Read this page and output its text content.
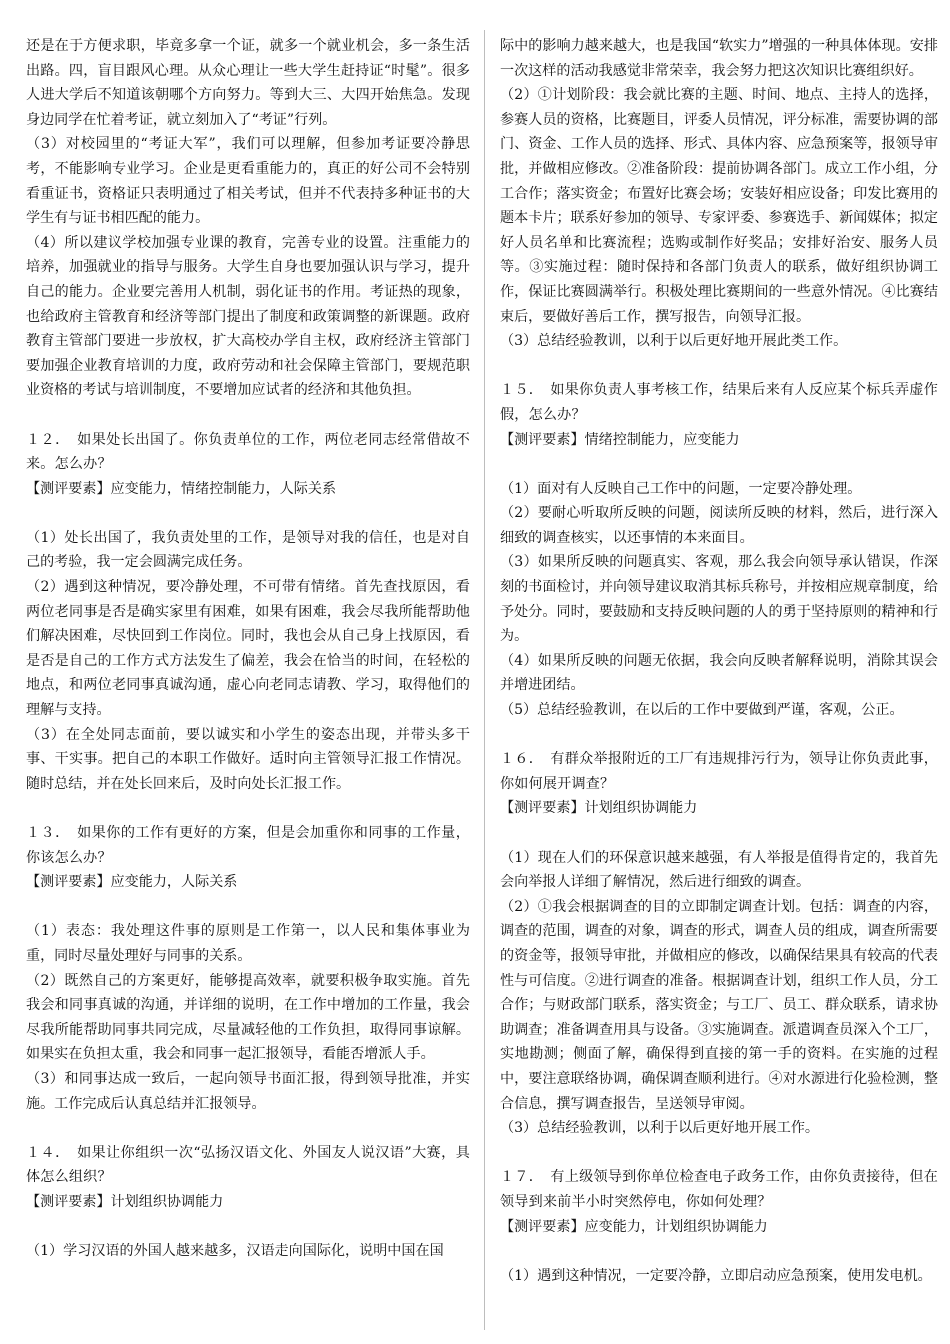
还是在于方便求职，毕竟多拿一个证，就多一个就业机会，多一条生活出路。四，盲目跟风心理。从众心理让一些大学生赶持证“时髦”。很多人进大学后不知道该朝哪个方向努力。等到大三、大四开始焦急。发现身边同学在忙着考证，就立刻加入了“考证”行列。

（3）对校园里的“考证大军”，我们可以理解，但参加考证要冷静思考，不能影响专业学习。企业是更看重能力的，真正的好公司不会特别看重证书，资格证只表明通过了相关考试，但并不代表持多种证书的大学生有与证书相匹配的能力。

（4）所以建议学校加强专业课的教育，完善专业的设置。注重能力的培养，加强就业的指导与服务。大学生自身也要加强认识与学习，提升自己的能力。企业要完善用人机制，弱化证书的作用。考证热的现象，也给政府主管教育和经济等部门提出了制度和政策调整的新课题。政府教育主管部门要进一步放权，扩大高校办学自主权，政府经济主管部门要加强企业教育培训的力度，政府劳动和社会保障主管部门，要规范职业资格的考试与培训制度，不要增加应试者的经济和其他负担。

１２．　如果处长出国了。你负责单位的工作，两位老同志经常借故不来。怎么办？

【测评要素】应变能力，情绪控制能力，人际关系

（1）处长出国了，我负责处里的工作，是领导对我的信任，也是对自己的考验，我一定会圆满完成任务。

（2）遇到这种情况，要冷静处理，不可带有情绪。首先查找原因，看两位老同事是否是确实家里有困难，如果有困难，我会尽我所能帮助他们解决困难，尽快回到工作岗位。同时，我也会从自己身上找原因，看是否是自己的工作方式方法发生了偏差，我会在恰当的时间，在轻松的地点，和两位老同事真诚沟通，虚心向老同志请教、学习，取得他们的理解与支持。

（3）在全处同志面前，要以诚实和小学生的姿态出现，并带头多干事、干实事。把自己的本职工作做好。适时向主管领导汇报工作情况。随时总结，并在处长回来后，及时向处长汇报工作。

１３．　如果你的工作有更好的方案，但是会加重你和同事的工作量，你该怎么办？

【测评要素】应变能力，人际关系

（1）表态：我处理这件事的原则是工作第一，以人民和集体事业为重，同时尽量处理好与同事的关系。

（2）既然自己的方案更好，能够提高效率，就要积极争取实施。首先我会和同事真诚的沟通，并详细的说明，在工作中增加的工作量，我会尽我所能帮助同事共同完成，尽量减轻他的工作负担，取得同事谅解。如果实在负担太重，我会和同事一起汇报领导，看能否增派人手。

（3）和同事达成一致后，一起向领导书面汇报，得到领导批准，并实施。工作完成后认真总结并汇报领导。

１４．　如果让你组织一次“弘扬汉语文化、外国友人说汉语”大赛，具体怎么组织？

【测评要素】计划组织协调能力

（1）学习汉语的外国人越来越多，汉语走向国际化，说明中国在国

际中的影响力越来越大，也是我国“软实力”增强的一种具体体现。安排一次这样的活动我感觉非常荣幸，我会努力把这次知识比赛组织好。

（2）①计划阶段：我会就比赛的主题、时间、地点、主持人的选择，参赛人员的资格，比赛题目，评委人员情况，评分标准，需要协调的部门、资金、工作人员的选择、形式、具体内容、应急预案等，报领导审批，并做相应修改。②准备阶段：提前协调各部门。成立工作小组，分工合作；落实资金；布置好比赛会场；安装好相应设备；印发比赛用的题本卡片；联系好参加的领导、专家评委、参赛选手、新闻媒体；拟定好人员名单和比赛流程；选购或制作好奖品；安排好治安、服务人员等。③实施过程：随时保持和各部门负责人的联系，做好组织协调工作，保证比赛圆满举行。积极处理比赛期间的一些意外情况。④比赛结束后，要做好善后工作，撰写报告，向领导汇报。

（3）总结经验教训，以利于以后更好地开展此类工作。

１５．　如果你负责人事考核工作，结果后来有人反应某个标兵弄虚作假，怎么办？

【测评要素】情绪控制能力，应变能力

（1）面对有人反映自己工作中的问题，一定要冷静处理。

（2）要耐心听取所反映的问题，阅读所反映的材料，然后，进行深入细致的调查核实，以还事情的本来面目。

（3）如果所反映的问题真实、客观，那么我会向领导承认错误，作深刻的书面检讨，并向领导建议取消其标兵称号，并按相应规章制度，给予处分。同时，要鼓励和支持反映问题的人的勇于坚持原则的精神和行为。

（4）如果所反映的问题无依据，我会向反映者解释说明，消除其误会并增进团结。

（5）总结经验教训，在以后的工作中要做到严谨，客观，公正。

１６．　有群众举报附近的工厂有违规排污行为，领导让你负责此事，你如何展开调查？

【测评要素】计划组织协调能力

（1）现在人们的环保意识越来越强，有人举报是值得肯定的，我首先会向举报人详细了解情况，然后进行细致的调查。

（2）①我会根据调查的目的立即制定调查计划。包括：调查的内容，调查的范围，调查的对象，调查的形式，调查人员的组成，调查所需要的资金等，报领导审批，并做相应的修改，以确保结果具有较高的代表性与可信度。②进行调查的准备。根据调查计划，组织工作人员，分工合作；与财政部门联系，落实资金；与工厂、员工、群众联系，请求协助调查；准备调查用具与设备。③实施调查。派遣调查员深入个工厂，实地勘测；侧面了解，确保得到直接的第一手的资料。在实施的过程中，要注意联络协调，确保调查顺利进行。④对水源进行化验检测，整合信息，撰写调查报告，呈送领导审阅。

（3）总结经验教训，以利于以后更好地开展工作。

１７．　有上级领导到你单位检查电子政务工作，由你负责接待，但在领导到来前半小时突然停电，你如何处理？

【测评要素】应变能力，计划组织协调能力

（1）遇到这种情况，一定要冷静，立即启动应急预案，使用发电机。
